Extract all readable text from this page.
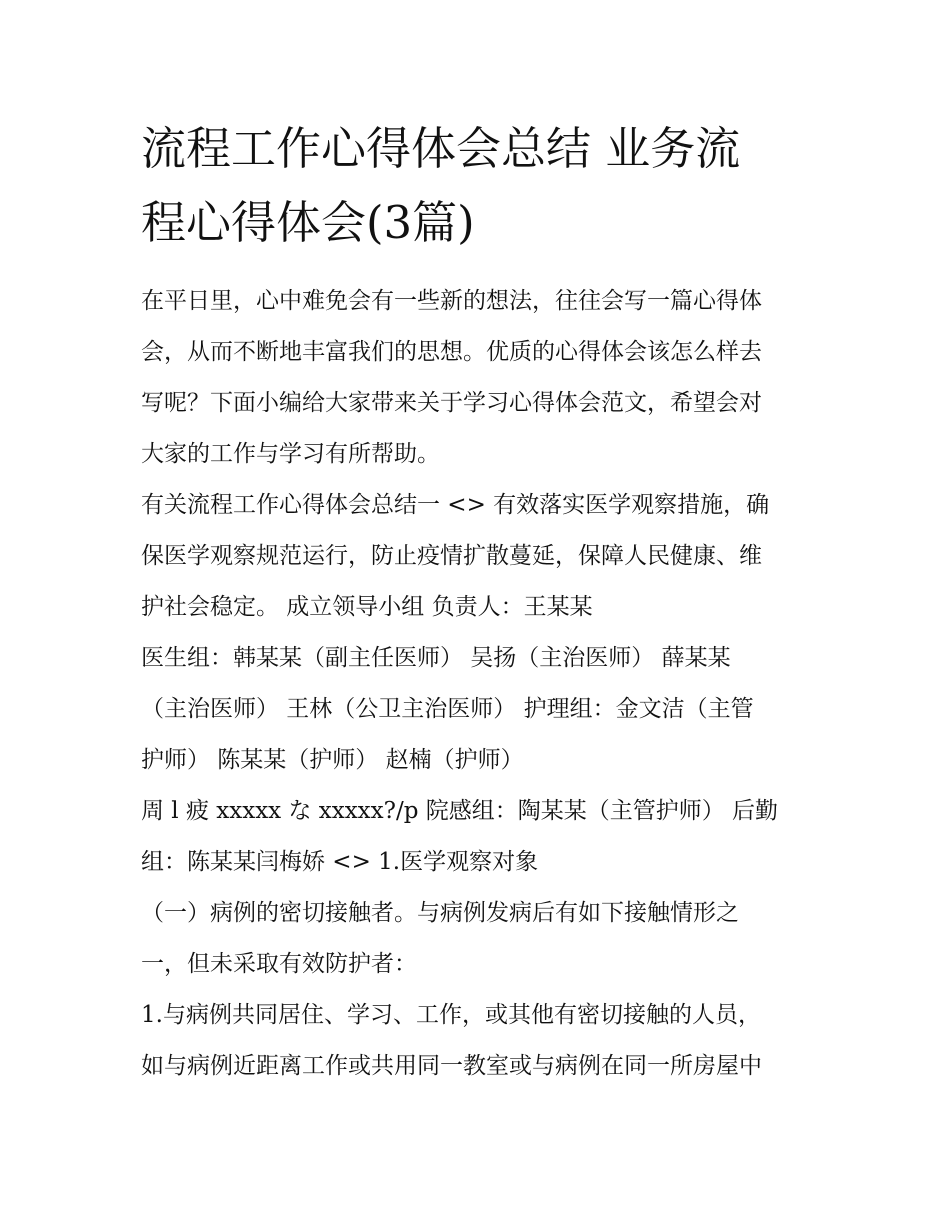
流程工作心得体会总结 业务流
程心得体会(3篇)

在平日里，心中难免会有一些新的想法，往往会写一篇心得体
会，从而不断地丰富我们的思想。优质的心得体会该怎么样去
写呢？下面小编给大家带来关于学习心得体会范文，希望会对
大家的工作与学习有所帮助。

有关流程工作心得体会总结一 <> 有效落实医学观察措施，确
保医学观察规范运行，防止疫情扩散蔓延，保障人民健康、维
护社会稳定。 成立领导小组 负责人：王某某

医生组：韩某某（副主任医师） 吴扬（主治医师） 薛某某
（主治医师） 王林（公卫主治医师） 护理组：金文洁（主管
护师） 陈某某（护师） 赵楠（护师）

周 l 疲 xxxxx な xxxxx?/p 院感组：陶某某（主管护师） 后勤
组：陈某某闫梅娇 <> 1.医学观察对象

（一）病例的密切接触者。与病例发病后有如下接触情形之
一，但未采取有效防护者：

1.与病例共同居住、学习、工作，或其他有密切接触的人员，
如与病例近距离工作或共用同一教室或与病例在同一所房屋中
